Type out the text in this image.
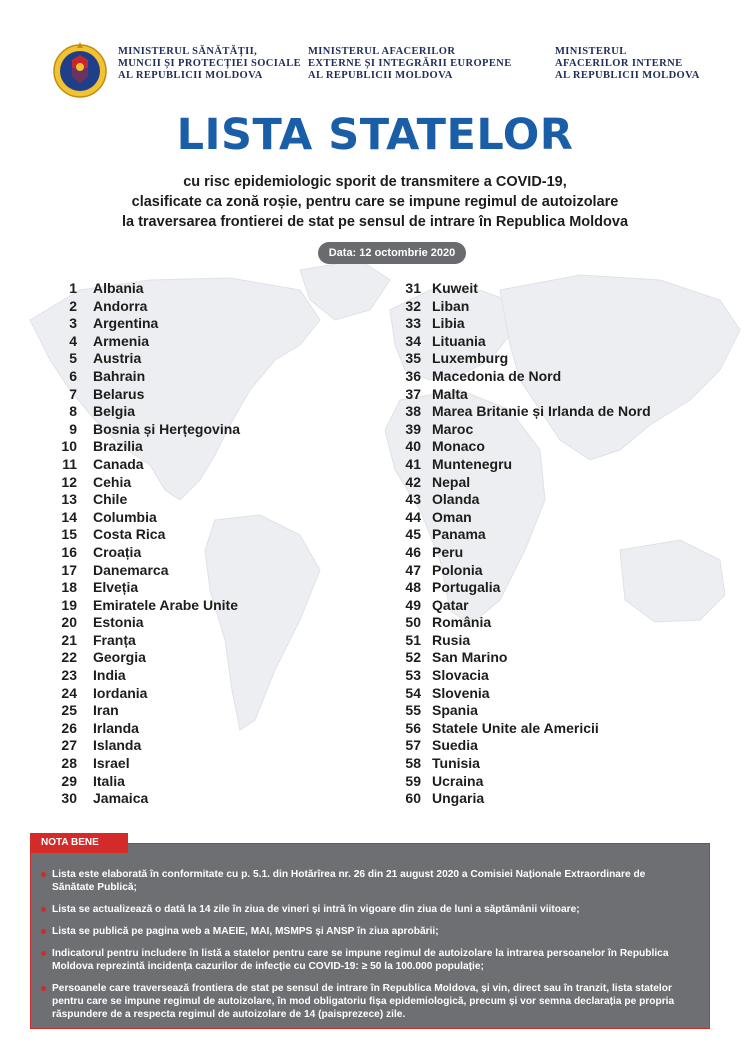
MINISTERUL SĂNĂTĂȚII,
MUNCII ȘI PROTECȚIEI SOCIALE
AL REPUBLICII MOLDOVA
MINISTERUL AFACERILOR
EXTERNE ȘI INTEGRĂRII EUROPENE
AL REPUBLICII MOLDOVA
MINISTERUL
AFACERILOR INTERNE
AL REPUBLICII MOLDOVA
LISTA STATELOR
cu risc epidemiologic sporit de transmitere a COVID-19,
clasificate ca zonă roșie, pentru care se impune regimul de autoizolare
la traversarea frontierei de stat pe sensul de intrare în Republica Moldova
Data: 12 octombrie 2020
1 Albania
2 Andorra
3 Argentina
4 Armenia
5 Austria
6 Bahrain
7 Belarus
8 Belgia
9 Bosnia și Herțegovina
10 Brazilia
11 Canada
12 Cehia
13 Chile
14 Columbia
15 Costa Rica
16 Croația
17 Danemarca
18 Elveția
19 Emiratele Arabe Unite
20 Estonia
21 Franța
22 Georgia
23 India
24 Iordania
25 Iran
26 Irlanda
27 Islanda
28 Israel
29 Italia
30 Jamaica
31 Kuweit
32 Liban
33 Libia
34 Lituania
35 Luxemburg
36 Macedonia de Nord
37 Malta
38 Marea Britanie și Irlanda de Nord
39 Maroc
40 Monaco
41 Muntenegru
42 Nepal
43 Olanda
44 Oman
45 Panama
46 Peru
47 Polonia
48 Portugalia
49 Qatar
50 România
51 Rusia
52 San Marino
53 Slovacia
54 Slovenia
55 Spania
56 Statele Unite ale Americii
57 Suedia
58 Tunisia
59 Ucraina
60 Ungaria
NOTA BENE
Lista este elaborată în conformitate cu p. 5.1. din Hotărîrea nr. 26 din 21 august 2020 a Comisiei Naționale Extraordinare de Sănătate Publică;
Lista se actualizează o dată la 14 zile în ziua de vineri și intră în vigoare din ziua de luni a săptămânii viitoare;
Lista se publică pe pagina web a MAEIE, MAI, MSMPS și ANSP în ziua aprobării;
Indicatorul pentru includere în listă a statelor pentru care se impune regimul de autoizolare la intrarea persoanelor în Republica Moldova reprezintă incidența cazurilor de infecție cu COVID-19: ≥ 50 la 100.000 populație;
Persoanele care traversează frontiera de stat pe sensul de intrare în Republica Moldova, și vin, direct sau în tranzit, lista statelor pentru care se impune regimul de autoizolare, în mod obligatoriu fișa epidemiologică, precum și vor semna declarația pe propria răspundere de a respecta regimul de autoizolare de 14 (paisprezece) zile.
